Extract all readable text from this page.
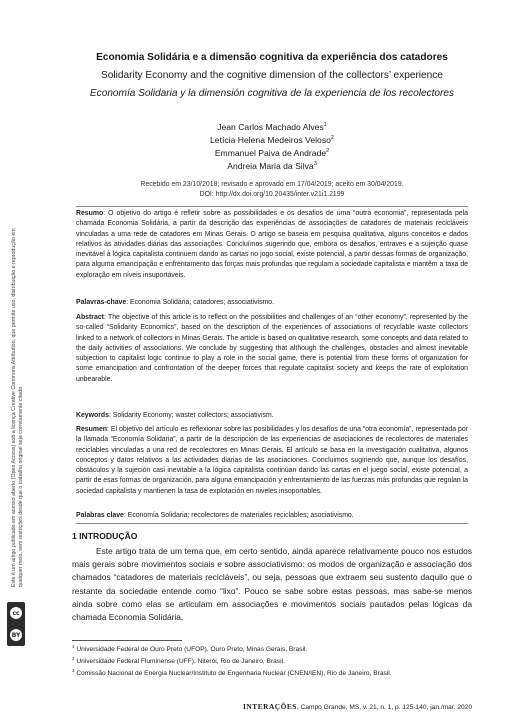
Este é um artigo publicado em acesso aberto (Open Access) sob a licença Creative Commons Attribution, que permite uso, distribuição e reprodução em qualquer meio, sem restrições desde que o trabalho original seja corretamente citado.
cc
BY
Economia Solidária e a dimensão cognitiva da experiência dos catadores
Solidarity Economy and the cognitive dimension of the collectors’ experience
Economía Solidaria y la dimensión cognitiva de la experiencia de los recolectores
Jean Carlos Machado Alves$^1$
Letícia Helena Medeiros Veloso$^2$
Emmanuel Paiva de Andrade$^2$
Andreia Maria da Silva$^3$
Recebido em 23/10/2018; revisado e aprovado em 17/04/2019; aceito em 30/04/2019.
DOI: http://dx.doi.org/10.20435/inter.v21i1.2199
Resumo: O objetivo do artigo é refletir sobre as possibilidades e os desafios de uma “outra economia”, representada pela chamada Economia Solidária, a partir da descrição das experiências de associações de catadores de materiais recicláveis vinculadas a uma rede de catadores em Minas Gerais. O artigo se baseia em pesquisa qualitativa, alguns conceitos e dados relativos às atividades diárias das associações. Concluímos sugerindo que, embora os desafios, entraves e a sujeição quase inevitável à lógica capitalista continuem dando as cartas no jogo social, existe potencial, a partir dessas formas de organização, para alguma emancipação e enfrentamento das forças mais profundas que regulam a sociedade capitalista e mantêm a taxa de exploração em níveis insuportáveis.
Palavras-chave: Economia Solidária; catadores; associativismo.
Abstract: The objective of this article is to reflect on the possibilities and challenges of an “other economy”, represented by the so-called “Solidarity Economics”, based on the description of the experiences of associations of recyclable waste collectors linked to a network of collectors in Minas Gerais. The article is based on qualitative research, some concepts and data related to the daily activities of associations. We conclude by suggesting that although the challenges, obstacles and almost inevitable subjection to capitalist logic continue to play a role in the social game, there is potential from these forms of organization for some emancipation and confrontation of the deeper forces that regulate capitalist society and keeps the rate of exploitation unbearable.
Keywords: Solidarity Economy; waster collectors; associativism.
Resumen: El objetivo del artículo es reflexionar sobre las posibilidades y los desafíos de una “otra economía”, representada por la llamada “Economía Solidaria”, a partir de la descripción de las experiencias de asociaciones de recolectores de materiales reciclables vinculadas a una red de recolectores en Minas Gerais. El artículo se basa en la investigación cualitativa, algunos conceptos y datos relativos a las actividades diarias de las asociaciones. Concluimos sugiriendo que, aunque los desafíos, obstáculos y la sujeción casi inevitable a la lógica capitalista continúan dando las cartas en el juego social, existe potencial, a partir de esas formas de organización, para alguna emancipación y enfrentamiento de las fuerzas más profundas que regulan la sociedad capitalista y mantienen la tasa de explotación en niveles insoportables.
Palabras clave: Economía Solidaria; recolectores de materiales reciclables; asociativismo.
1 INTRODUÇÃO
Este artigo trata de um tema que, em certo sentido, ainda aparece relativamente pouco nos estudos mais gerais sobre movimentos sociais e sobre associativismo: os modos de organização e associação dos chamados “catadores de materiais recicláveis”, ou seja, pessoas que extraem seu sustento daquilo que o restante da sociedade entende como “lixo”. Pouco se sabe sobre estas pessoas, mas sabe-se menos ainda sobre como elas se articulam em associações e movimentos sociais pautados pelas lógicas da chamada Economia Solidária.
$^1$ Universidade Federal de Ouro Preto (UFOP), Ouro Preto, Minas Gerais, Brasil.
$^2$ Universidade Federal Fluminense (UFF), Niterói, Rio de Janeiro, Brasil.
$^3$ Comissão Nacional de Energia Nuclear/Instituto de Engenharia Nuclear (CNEN/IEN), Rio de Janeiro, Brasil.
INTERAÇÕES, Campo Grande, MS, v. 21, n. 1, p. 125-140, jan./mar. 2020
